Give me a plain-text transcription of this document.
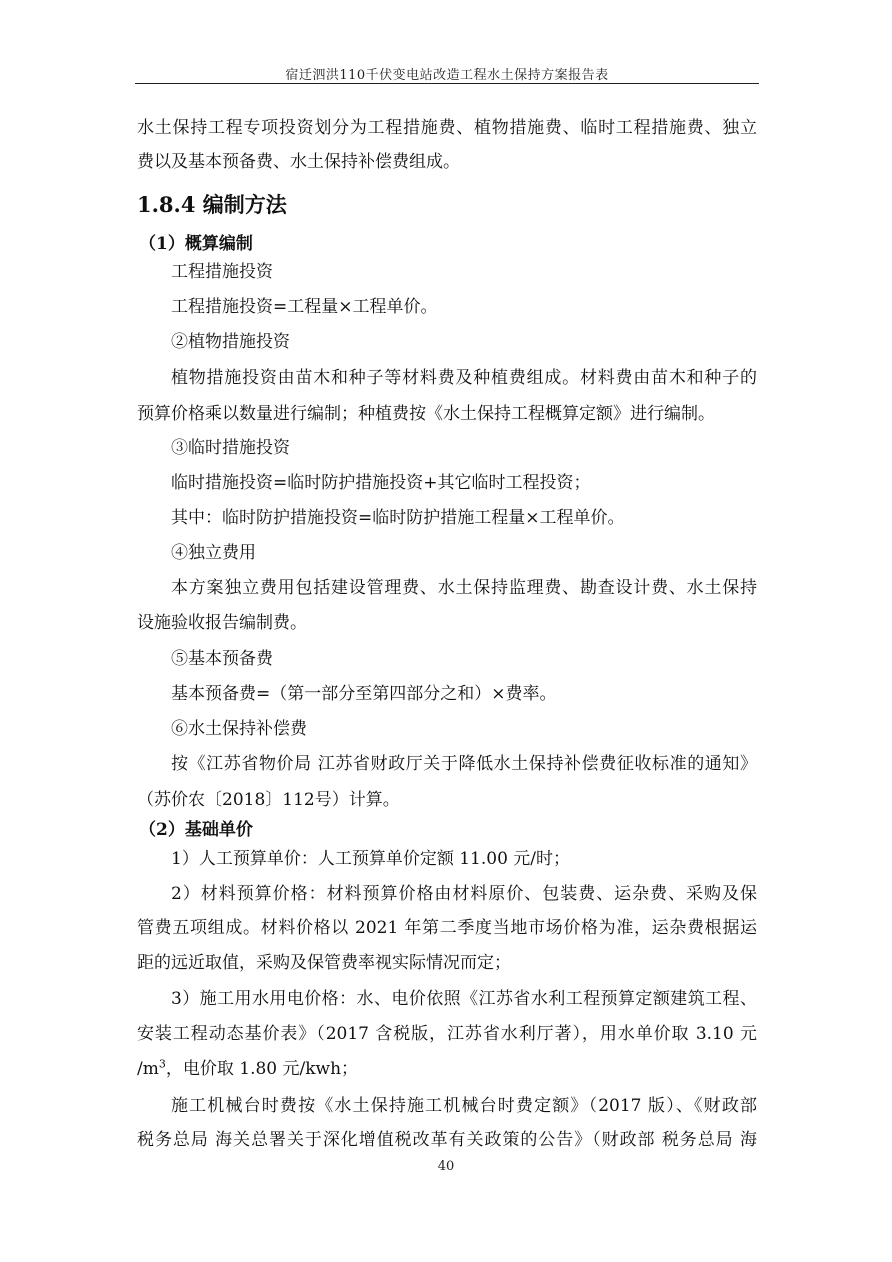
宿迁泗洪110千伏变电站改造工程水土保持方案报告表
水土保持工程专项投资划分为工程措施费、植物措施费、临时工程措施费、独立
费以及基本预备费、水土保持补偿费组成。
1.8.4 编制方法
（1）概算编制
工程措施投资
工程措施投资=工程量×工程单价。
②植物措施投资
植物措施投资由苗木和种子等材料费及种植费组成。材料费由苗木和种子的
预算价格乘以数量进行编制；种植费按《水土保持工程概算定额》进行编制。
③临时措施投资
临时措施投资=临时防护措施投资+其它临时工程投资；
其中：临时防护措施投资=临时防护措施工程量×工程单价。
④独立费用
本方案独立费用包括建设管理费、水土保持监理费、勘查设计费、水土保持
设施验收报告编制费。
⑤基本预备费
基本预备费=（第一部分至第四部分之和）×费率。
⑥水土保持补偿费
按《江苏省物价局 江苏省财政厅关于降低水土保持补偿费征收标准的通知》
（苏价农〔2018〕112号）计算。
（2）基础单价
1）人工预算单价：人工预算单价定额 11.00 元/时；
2）材料预算价格：材料预算价格由材料原价、包装费、运杂费、采购及保
管费五项组成。材料价格以 2021 年第二季度当地市场价格为准，运杂费根据运
距的远近取值，采购及保管费率视实际情况而定；
3）施工用水用电价格：水、电价依照《江苏省水利工程预算定额建筑工程、
安装工程动态基价表》（2017 含税版，江苏省水利厅著），用水单价取 3.10 元
$/m^3$，电价取 1.80 元/kwh；
施工机械台时费按《水土保持施工机械台时费定额》（2017 版）、《财政部
税务总局 海关总署关于深化增值税改革有关政策的公告》（财政部 税务总局 海
40
